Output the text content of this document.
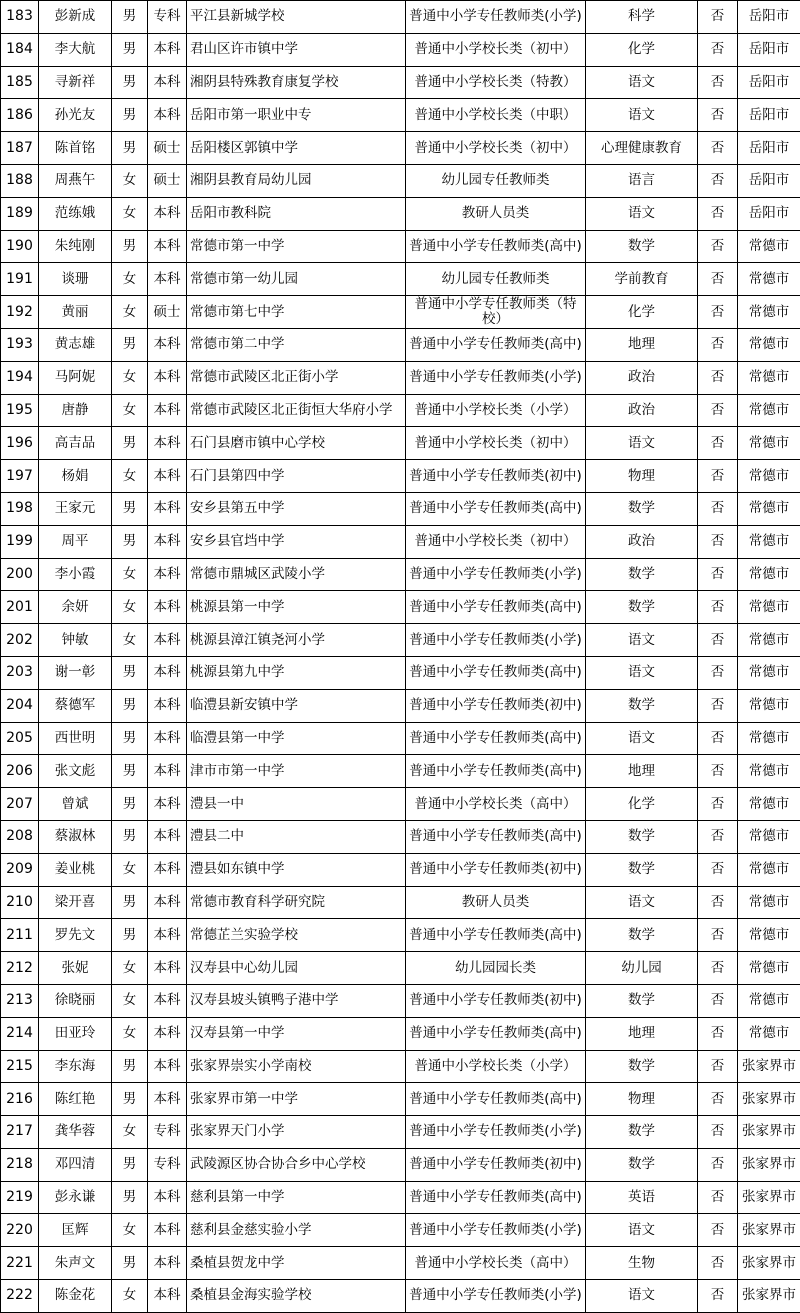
183	彭新成	男	专科	平江县新城学校	普通中小学专任教师类(小学)	科学	否	岳阳市
184	李大航	男	本科	君山区许市镇中学	普通中小学校长类（初中）	化学	否	岳阳市
185	寻新祥	男	本科	湘阴县特殊教育康复学校	普通中小学校长类（特教）	语文	否	岳阳市
186	孙光友	男	本科	岳阳市第一职业中专	普通中小学校长类（中职）	语文	否	岳阳市
187	陈首铭	男	硕士	岳阳楼区郭镇中学	普通中小学校长类（初中）	心理健康教育	否	岳阳市
188	周燕午	女	硕士	湘阴县教育局幼儿园	幼儿园专任教师类	语言	否	岳阳市
189	范练娥	女	本科	岳阳市教科院	教研人员类	语文	否	岳阳市
190	朱纯刚	男	本科	常德市第一中学	普通中小学专任教师类(高中)	数学	否	常德市
191	谈珊	女	本科	常德市第一幼儿园	幼儿园专任教师类	学前教育	否	常德市
192	黄丽	女	硕士	常德市第七中学	普通中小学专任教师类（特校）	化学	否	常德市
193	黄志雄	男	本科	常德市第二中学	普通中小学专任教师类(高中)	地理	否	常德市
194	马阿妮	女	本科	常德市武陵区北正街小学	普通中小学专任教师类(小学)	政治	否	常德市
195	唐静	女	本科	常德市武陵区北正街恒大华府小学	普通中小学校长类（小学）	政治	否	常德市
196	高吉品	男	本科	石门县磨市镇中心学校	普通中小学校长类（初中）	语文	否	常德市
197	杨娟	女	本科	石门县第四中学	普通中小学专任教师类(初中)	物理	否	常德市
198	王家元	男	本科	安乡县第五中学	普通中小学专任教师类(高中)	数学	否	常德市
199	周平	男	本科	安乡县官垱中学	普通中小学校长类（初中）	政治	否	常德市
200	李小霞	女	本科	常德市鼎城区武陵小学	普通中小学专任教师类(小学)	数学	否	常德市
201	余妍	女	本科	桃源县第一中学	普通中小学专任教师类(高中)	数学	否	常德市
202	钟敏	女	本科	桃源县漳江镇尧河小学	普通中小学专任教师类(小学)	语文	否	常德市
203	谢一彰	男	本科	桃源县第九中学	普通中小学专任教师类(高中)	语文	否	常德市
204	蔡德军	男	本科	临澧县新安镇中学	普通中小学专任教师类(初中)	数学	否	常德市
205	西世明	男	本科	临澧县第一中学	普通中小学专任教师类(高中)	语文	否	常德市
206	张文彪	男	本科	津市市第一中学	普通中小学专任教师类(高中)	地理	否	常德市
207	曾斌	男	本科	澧县一中	普通中小学校长类（高中）	化学	否	常德市
208	蔡淑林	男	本科	澧县二中	普通中小学专任教师类(高中)	数学	否	常德市
209	姜业桃	女	本科	澧县如东镇中学	普通中小学专任教师类(初中)	数学	否	常德市
210	梁开喜	男	本科	常德市教育科学研究院	教研人员类	语文	否	常德市
211	罗先文	男	本科	常德芷兰实验学校	普通中小学专任教师类(高中)	数学	否	常德市
212	张妮	女	本科	汉寿县中心幼儿园	幼儿园园长类	幼儿园	否	常德市
213	徐晓丽	女	本科	汉寿县坡头镇鸭子港中学	普通中小学专任教师类(初中)	数学	否	常德市
214	田亚玲	女	本科	汉寿县第一中学	普通中小学专任教师类(高中)	地理	否	常德市
215	李东海	男	本科	张家界崇实小学南校	普通中小学校长类（小学）	数学	否	张家界市
216	陈红艳	男	本科	张家界市第一中学	普通中小学专任教师类(高中)	物理	否	张家界市
217	龚华蓉	女	专科	张家界天门小学	普通中小学专任教师类(小学)	数学	否	张家界市
218	邓四清	男	专科	武陵源区协合协合乡中心学校	普通中小学专任教师类(初中)	数学	否	张家界市
219	彭永谦	男	本科	慈利县第一中学	普通中小学专任教师类(高中)	英语	否	张家界市
220	匡辉	女	本科	慈利县金慈实验小学	普通中小学专任教师类(小学)	语文	否	张家界市
221	朱声文	男	本科	桑植县贺龙中学	普通中小学校长类（高中）	生物	否	张家界市
222	陈金花	女	本科	桑植县金海实验学校	普通中小学专任教师类(小学)	语文	否	张家界市
